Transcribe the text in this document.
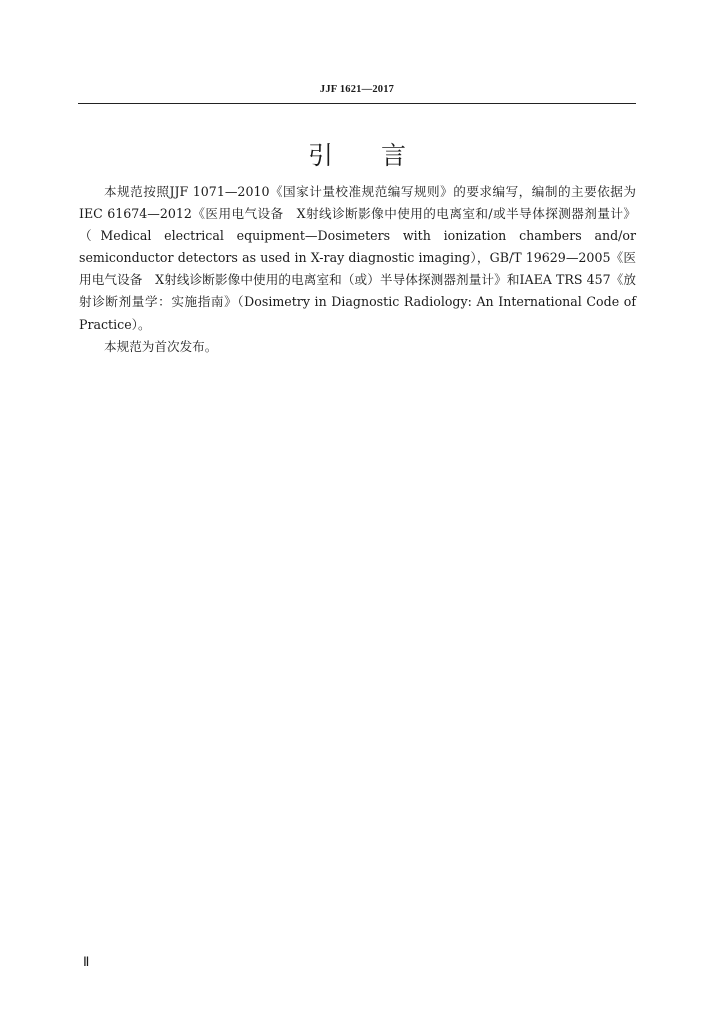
JJF 1621—2017
引 言

本规范按照JJF 1071—2010《国家计量校准规范编写规则》的要求编写，编制的主要依据为IEC 61674—2012《医用电气设备　X射线诊断影像中使用的电离室和/或半导体探测器剂量计》（Medical electrical equipment—Dosimeters with ionization chambers and/or semiconductor detectors as used in X-ray diagnostic imaging），GB/T 19629—2005《医用电气设备　X射线诊断影像中使用的电离室和（或）半导体探测器剂量计》和IAEA TRS 457《放射诊断剂量学：实施指南》（Dosimetry in Diagnostic Radiology: An International Code of Practice）。

本规范为首次发布。

Ⅱ
